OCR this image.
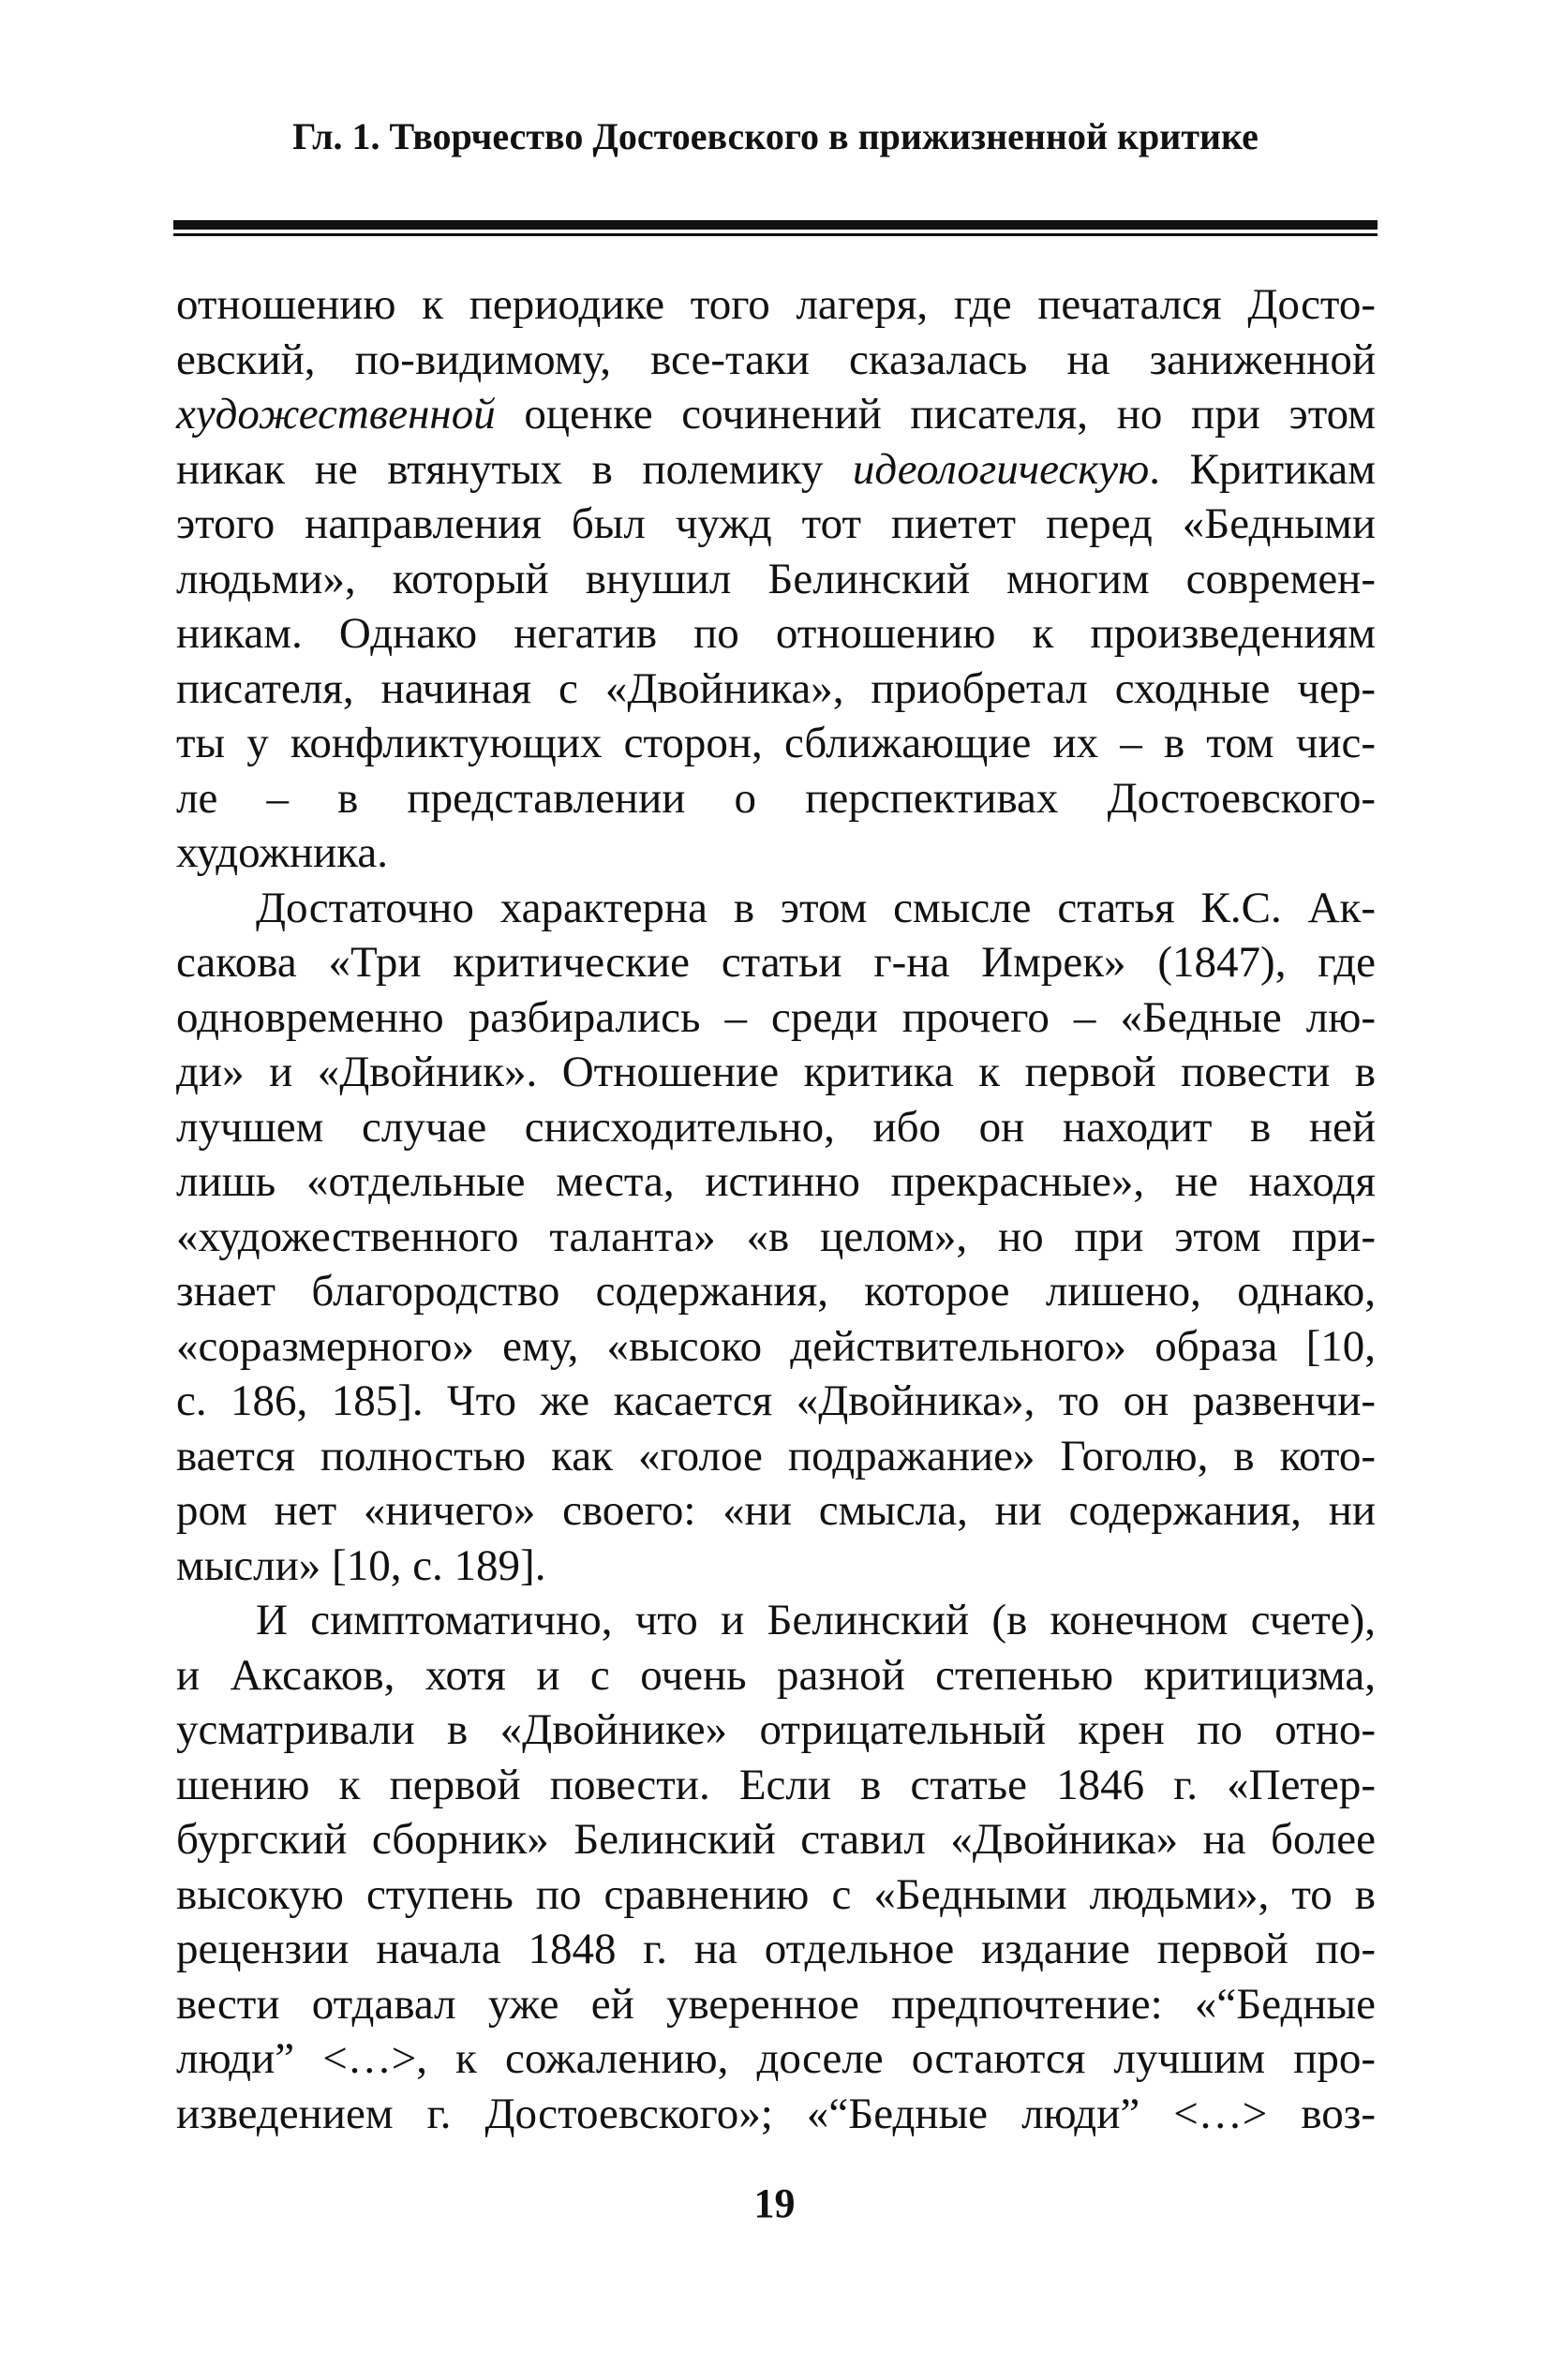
Гл. 1. Творчество Достоевского в прижизненной критике
отношению к периодике того лагеря, где печатался Досто-
евский, по-видимому, все-таки сказалась на заниженной
художественной оценке сочинений писателя, но при этом
никак не втянутых в полемику идеологическую. Критикам
этого направления был чужд тот пиетет перед «Бедными
людьми», который внушил Белинский многим современ-
никам. Однако негатив по отношению к произведениям
писателя, начиная с «Двойника», приобретал сходные чер-
ты у конфликтующих сторон, сближающие их – в том чис-
ле – в представлении о перспективах Достоевского-
художника.
Достаточно характерна в этом смысле статья К.С. Ак-
сакова «Три критические статьи г-на Имрек» (1847), где
одновременно разбирались – среди прочего – «Бедные лю-
ди» и «Двойник». Отношение критика к первой повести в
лучшем случае снисходительно, ибо он находит в ней
лишь «отдельные места, истинно прекрасные», не находя
«художественного таланта» «в целом», но при этом при-
знает благородство содержания, которое лишено, однако,
«соразмерного» ему, «высоко действительного» образа [10,
с. 186, 185]. Что же касается «Двойника», то он развенчи-
вается полностью как «голое подражание» Гоголю, в кото-
ром нет «ничего» своего: «ни смысла, ни содержания, ни
мысли» [10, с. 189].
И симптоматично, что и Белинский (в конечном счете),
и Аксаков, хотя и с очень разной степенью критицизма,
усматривали в «Двойнике» отрицательный крен по отно-
шению к первой повести. Если в статье 1846 г. «Петер-
бургский сборник» Белинский ставил «Двойника» на более
высокую ступень по сравнению с «Бедными людьми», то в
рецензии начала 1848 г. на отдельное издание первой по-
вести отдавал уже ей уверенное предпочтение: «“Бедные
люди” <…>, к сожалению, доселе остаются лучшим про-
изведением г. Достоевского»; «“Бедные люди” <…> воз-
19
